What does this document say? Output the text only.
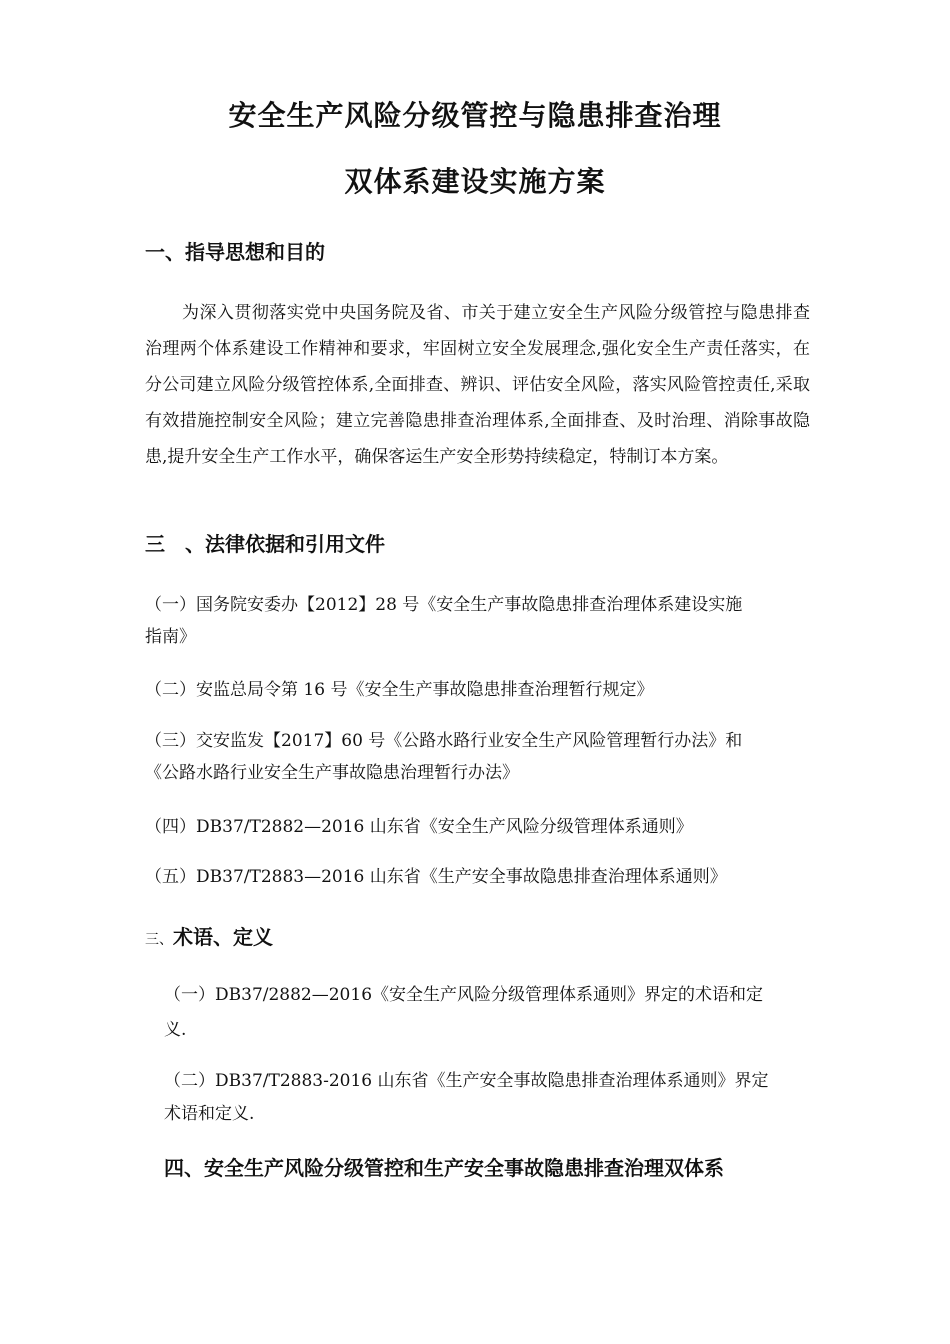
安全生产风险分级管控与隐患排查治理
双体系建设实施方案
一、指导思想和目的
为深入贯彻落实党中央国务院及省、市关于建立安全生产风险分级管控与隐患排查治理两个体系建设工作精神和要求，牢固树立安全发展理念,强化安全生产责任落实，在分公司建立风险分级管控体系,全面排查、辨识、评估安全风险，落实风险管控责任,采取有效措施控制安全风险；建立完善隐患排查治理体系,全面排查、及时治理、消除事故隐患,提升安全生产工作水平，确保客运生产安全形势持续稳定，特制订本方案。
三　、法律依据和引用文件
（一）国务院安委办【2012】28 号《安全生产事故隐患排查治理体系建设实施
指南》
（二）安监总局令第 16 号《安全生产事故隐患排查治理暂行规定》
（三）交安监发【2017】60 号《公路水路行业安全生产风险管理暂行办法》和
《公路水路行业安全生产事故隐患治理暂行办法》
（四）DB37/T2882—2016 山东省《安全生产风险分级管理体系通则》
（五）DB37/T2883—2016 山东省《生产安全事故隐患排查治理体系通则》
三、术语、定义
（一）DB37/2882—2016《安全生产风险分级管理体系通则》界定的术语和定
义.
（二）DB37/T2883-2016 山东省《生产安全事故隐患排查治理体系通则》界定
术语和定义.
四、安全生产风险分级管控和生产安全事故隐患排查治理双体系
